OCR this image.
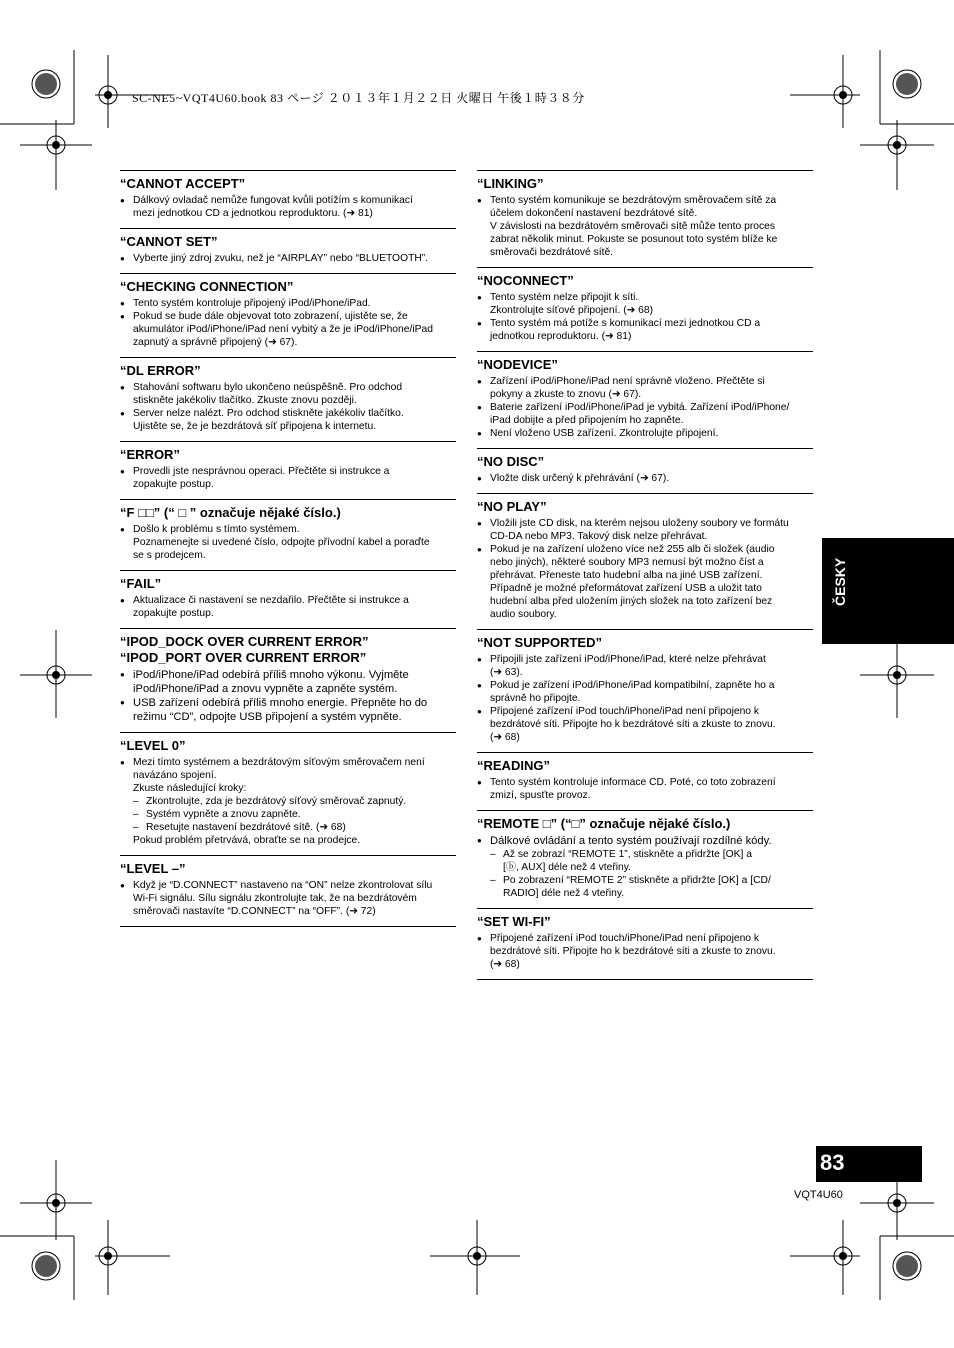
SC-NE5~VQT4U60.book 83 ページ ２０１３年１月２２日 火曜日 午後１時３８分
“CANNOT ACCEPT”
● Dálkový ovladač nemůže fungovat kvůli potížím s komunikací
mezi jednotkou CD a jednotkou reproduktoru. (➜ 81)
“CANNOT SET”
● Vyberte jiný zdroj zvuku, než je “AIRPLAY” nebo “BLUETOOTH”.
“CHECKING CONNECTION”
● Tento systém kontroluje připojený iPod/iPhone/iPad.
● Pokud se bude dále objevovat toto zobrazení, ujistěte se, že
akumulátor iPod/iPhone/iPad není vybitý a že je iPod/iPhone/iPad
zapnutý a správně připojený (➜ 67).
“DL ERROR”
● Stahování softwaru bylo ukončeno neúspěšně. Pro odchod
stiskněte jakékoliv tlačítko. Zkuste znovu později.
● Server nelze nalézt. Pro odchod stiskněte jakékoliv tlačítko.
Ujistěte se, že je bezdrátová síť připojena k internetu.
“ERROR”
● Provedli jste nesprávnou operaci. Přečtěte si instrukce a
zopakujte postup.
“F □□” (“ □ ” označuje nějaké číslo.)
● Došlo k problému s tímto systémem.
Poznamenejte si uvedené číslo, odpojte přívodní kabel a poraďte
se s prodejcem.
“FAIL”
● Aktualizace či nastavení se nezdařilo. Přečtěte si instrukce a
zopakujte postup.
“IPOD_DOCK OVER CURRENT ERROR”
“IPOD_PORT OVER CURRENT ERROR”
● iPod/iPhone/iPad odebírá příliš mnoho výkonu. Vyjměte
iPod/iPhone/iPad a znovu vypněte a zapněte systém.
● USB zařízení odebírá příliš mnoho energie. Přepněte ho do
režimu “CD”, odpojte USB připojení a systém vypněte.
“LEVEL 0”
● Mezi tímto systémem a bezdrátovým síťovým směrovačem není
navázáno spojení.
Zkuste následující kroky:
– Zkontrolujte, zda je bezdrátový síťový směrovač zapnutý.
– Systém vypněte a znovu zapněte.
– Resetujte nastavení bezdrátové sítě. (➜ 68)
Pokud problém přetrvává, obraťte se na prodejce.
“LEVEL –”
● Když je “D.CONNECT” nastaveno na “ON” nelze zkontrolovat sílu
Wi-Fi signálu. Sílu signálu zkontrolujte tak, že na bezdrátovém
směrovači nastavíte “D.CONNECT” na “OFF”. (➜ 72)
“LINKING”
● Tento systém komunikuje se bezdrátovým směrovačem sítě za
účelem dokončení nastavení bezdrátové sítě.
V závislosti na bezdrátovém směrovači sítě může tento proces
zabrat několik minut. Pokuste se posunout toto systém blíže ke
směrovači bezdrátové sítě.
“NOCONNECT”
● Tento systém nelze připojit k síti.
Zkontrolujte síťové připojení. (➜ 68)
● Tento systém má potíže s komunikací mezi jednotkou CD a
jednotkou reproduktoru. (➜ 81)
“NODEVICE”
● Zařízení iPod/iPhone/iPad není správně vloženo. Přečtěte si
pokyny a zkuste to znovu (➜ 67).
● Baterie zařízení iPod/iPhone/iPad je vybitá. Zařízení iPod/iPhone/
iPad dobijte a před připojením ho zapněte.
● Není vloženo USB zařízení. Zkontrolujte připojení.
“NO DISC”
● Vložte disk určený k přehrávání (➜ 67).
“NO PLAY”
● Vložili jste CD disk, na kterém nejsou uloženy soubory ve formátu
CD-DA nebo MP3. Takový disk nelze přehrávat.
● Pokud je na zařízení uloženo více než 255 alb či složek (audio
nebo jiných), některé soubory MP3 nemusí být možno číst a
přehrávat. Přeneste tato hudební alba na jiné USB zařízení.
Případně je možné přeformátovat zařízení USB a uložit tato
hudební alba před uložením jiných složek na toto zařízení bez
audio soubory.
“NOT SUPPORTED”
● Připojili jste zařízení iPod/iPhone/iPad, které nelze přehrávat
(➜ 63).
● Pokud je zařízení iPod/iPhone/iPad kompatibilní, zapněte ho a
správně ho připojte.
● Připojené zařízení iPod touch/iPhone/iPad není připojeno k
bezdrátové síti. Připojte ho k bezdrátové síti a zkuste to znovu.
(➜ 68)
“READING”
● Tento systém kontroluje informace CD. Poté, co toto zobrazení
zmizí, spusťte provoz.
“REMOTE □” (“□” označuje nějaké číslo.)
● Dálkové ovládání a tento systém používají rozdílné kódy.
– Až se zobrazí “REMOTE 1”, stiskněte a přidržte [OK] a
[ⓑ, AUX] déle než 4 vteřiny.
– Po zobrazení “REMOTE 2” stiskněte a přidržte [OK] a [CD/
RADIO] déle než 4 vteřiny.
“SET WI-FI”
● Připojené zařízení iPod touch/iPhone/iPad není připojeno k
bezdrátové síti. Připojte ho k bezdrátové síti a zkuste to znovu.
(➜ 68)
ČESKY
83
VQT4U60
